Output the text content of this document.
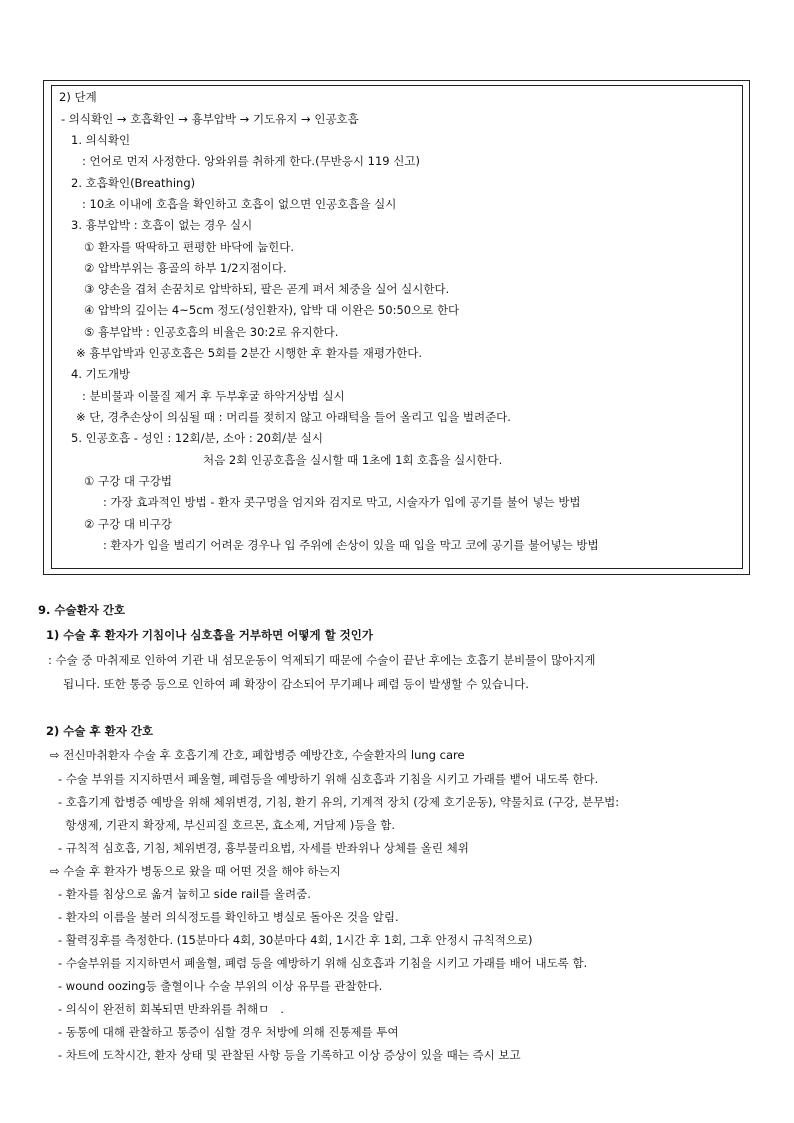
2) 단계
- 의식확인 → 호흡확인 → 흉부압박 → 기도유지 → 인공호흡
1. 의식확인
: 언어로 먼저 사정한다. 앙와위를 취하게 한다.(무반응시 119 신고)
2. 호흡확인(Breathing)
: 10초 이내에 호흡을 확인하고 호흡이 없으면 인공호흡을 실시
3. 흉부압박 : 호흡이 없는 경우 실시
① 환자를 딱딱하고 편평한 바닥에 눕힌다.
② 압박부위는 흉골의 하부 1/2지점이다.
③ 양손을 겹쳐 손꿈치로 압박하되, 팔은 곧게 펴서 체중을 실어 실시한다.
④ 압박의 깊이는 4~5cm 정도(성인환자), 압박 대 이완은 50:50으로 한다
⑤ 흉부압박 : 인공호흡의 비율은 30:2로 유지한다.
※ 흉부압박과 인공호흡은 5회를 2분간 시행한 후 환자를 재평가한다.
4. 기도개방
: 분비물과 이물질 제거 후 두부후굴 하악거상법 실시
※ 단, 경추손상이 의심될 때 : 머리를 젖히지 않고 아래턱을 들어 올리고 입을 벌려준다.
5. 인공호흡 - 성인 : 12회/분, 소아 : 20회/분 실시
처음 2회 인공호흡을 실시할 때 1초에 1회 호흡을 실시한다.
① 구강 대 구강법
: 가장 효과적인 방법 - 환자 콧구멍을 엄지와 검지로 막고, 시술자가 입에 공기를 불어 넣는 방법
② 구강 대 비구강
: 환자가 입을 벌리기 어려운 경우나 입 주위에 손상이 있을 때 입을 막고 코에 공기를 불어넣는 방법
9. 수술환자 간호
1) 수술 후 환자가 기침이나 심호흡을 거부하면 어떻게 할 것인가
: 수술 중 마취제로 인하여 기관 내 섬모운동이 억제되기 때문에 수술이 끝난 후에는 호흡기 분비물이 많아지게
됩니다. 또한 통증 등으로 인하여 폐 확장이 감소되어 무기폐나 폐렴 등이 발생할 수 있습니다.
2) 수술 후 환자 간호
⇨ 전신마취환자 수술 후 호흡기계 간호, 폐합병증 예방간호, 수술환자의 lung care
- 수술 부위를 지지하면서 폐울혈, 폐렴등을 예방하기 위해 심호흡과 기침을 시키고 가래를 뱉어 내도록 한다.
- 호흡기계 합병증 예방을 위해 체위변경, 기침, 환기 유의, 기계적 장치 (강제 호기운동), 약물치료 (구강, 분무법:
항생제, 기관지 확장제, 부신피질 호르몬, 효소제, 거담제 )등을 함.
- 규칙적 심호흡, 기침, 체위변경, 흉부물리요법, 자세를 반좌위나 상체를 올린 체위
⇨ 수술 후 환자가 병동으로 왔을 때 어떤 것을 해야 하는지
- 환자를 침상으로 옮겨 눕히고 side rail를 올려줌.
- 환자의 이름을 불러 의식정도를 확인하고 병실로 돌아온 것을 알림.
- 활력징후를 측정한다. (15분마다 4회, 30분마다 4회, 1시간 후 1회, 그후 안정시 규칙적으로)
- 수술부위를 지지하면서 폐울혈, 폐렴 등을 예방하기 위해 심호흡과 기침을 시키고 가래를 배어 내도록 함.
- wound oozing등 출혈이나 수술 부위의 이상 유무를 관찰한다.
- 의식이 완전히 회복되면 반좌위를 취해ㅁ   .
- 동통에 대해 관찰하고 통증이 심할 경우 처방에 의해 진통제를 투여
- 차트에 도착시간, 환자 상태 및 관찰된 사항 등을 기록하고 이상 증상이 있을 때는 즉시 보고
